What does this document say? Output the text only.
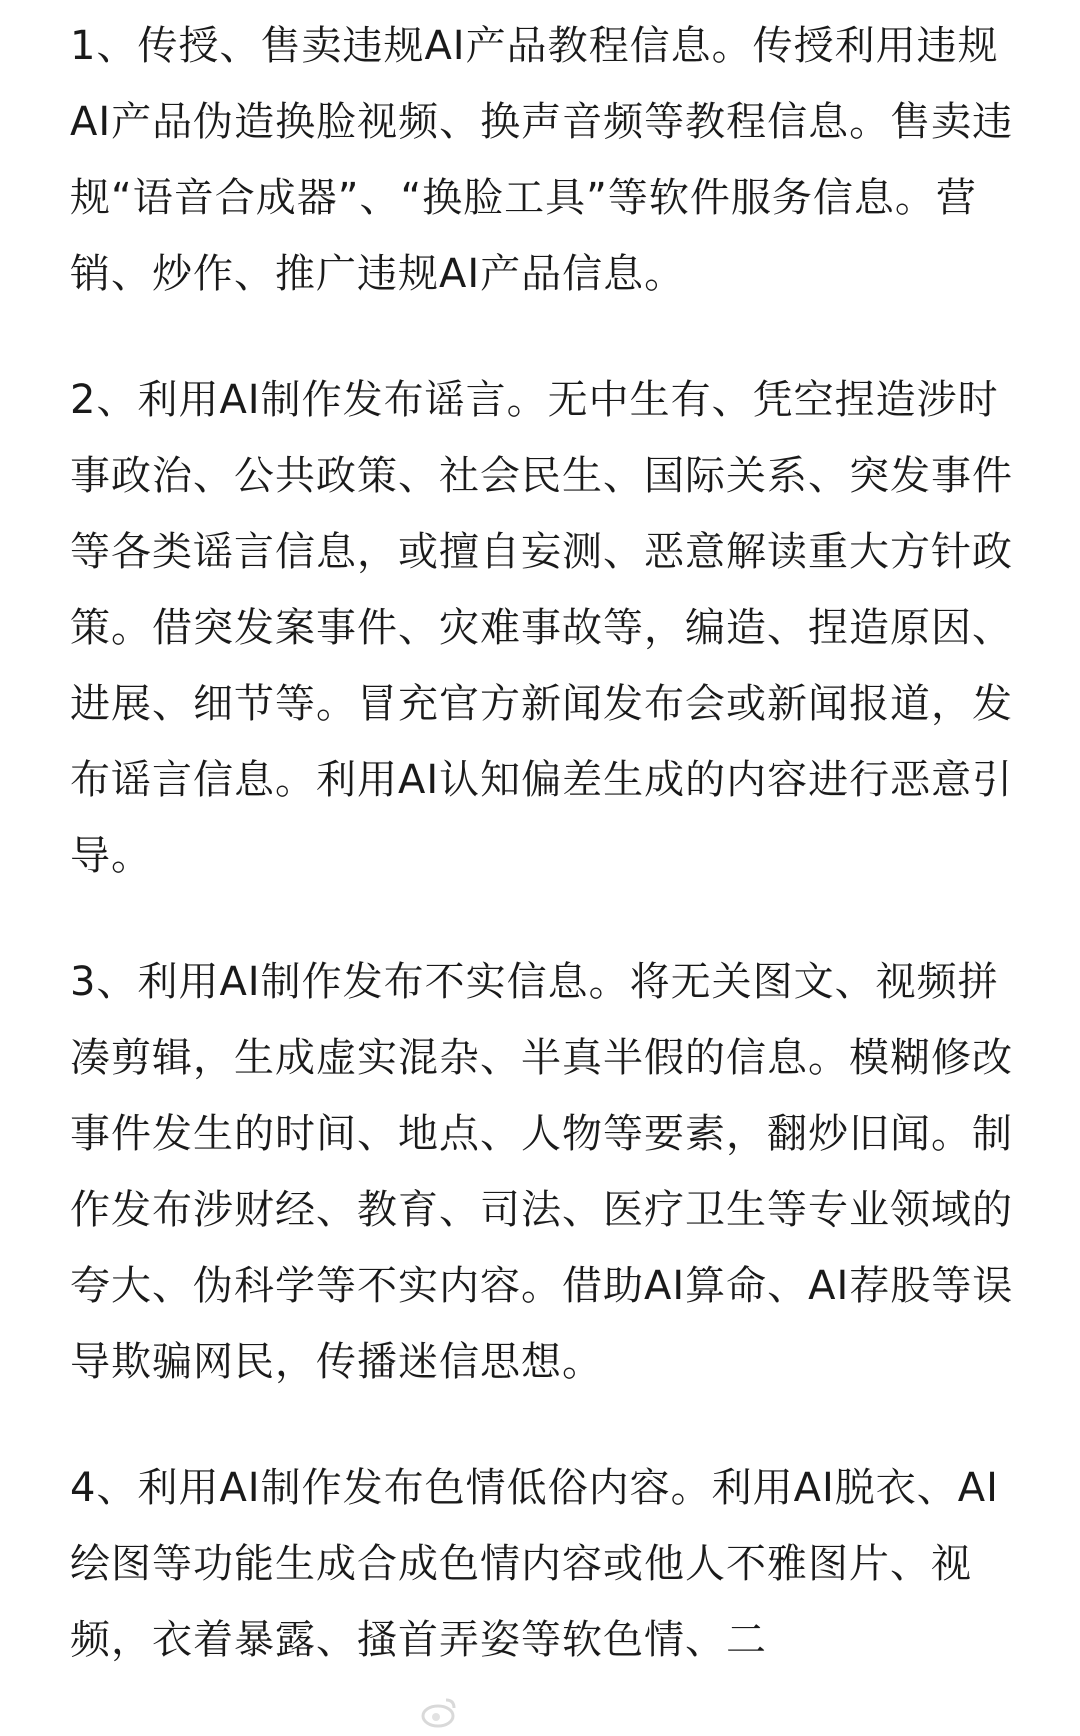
1、传授、售卖违规AI产品教程信息。传授利用违规AI产品伪造换脸视频、换声音频等教程信息。售卖违规“语音合成器”、“换脸工具”等软件服务信息。营销、炒作、推广违规AI产品信息。

2、利用AI制作发布谣言。无中生有、凭空捏造涉时事政治、公共政策、社会民生、国际关系、突发事件等各类谣言信息，或擅自妄测、恶意解读重大方针政策。借突发案事件、灾难事故等，编造、捏造原因、进展、细节等。冒充官方新闻发布会或新闻报道，发布谣言信息。利用AI认知偏差生成的内容进行恶意引导。

3、利用AI制作发布不实信息。将无关图文、视频拼凑剪辑，生成虚实混杂、半真半假的信息。模糊修改事件发生的时间、地点、人物等要素，翻炒旧闻。制作发布涉财经、教育、司法、医疗卫生等专业领域的夸大、伪科学等不实内容。借助AI算命、AI荐股等误导欺骗网民，传播迷信思想。

4、利用AI制作发布色情低俗内容。利用AI脱衣、AI绘图等功能生成合成色情内容或他人不雅图片、视频，衣着暴露、搔首弄姿等软色情、二
